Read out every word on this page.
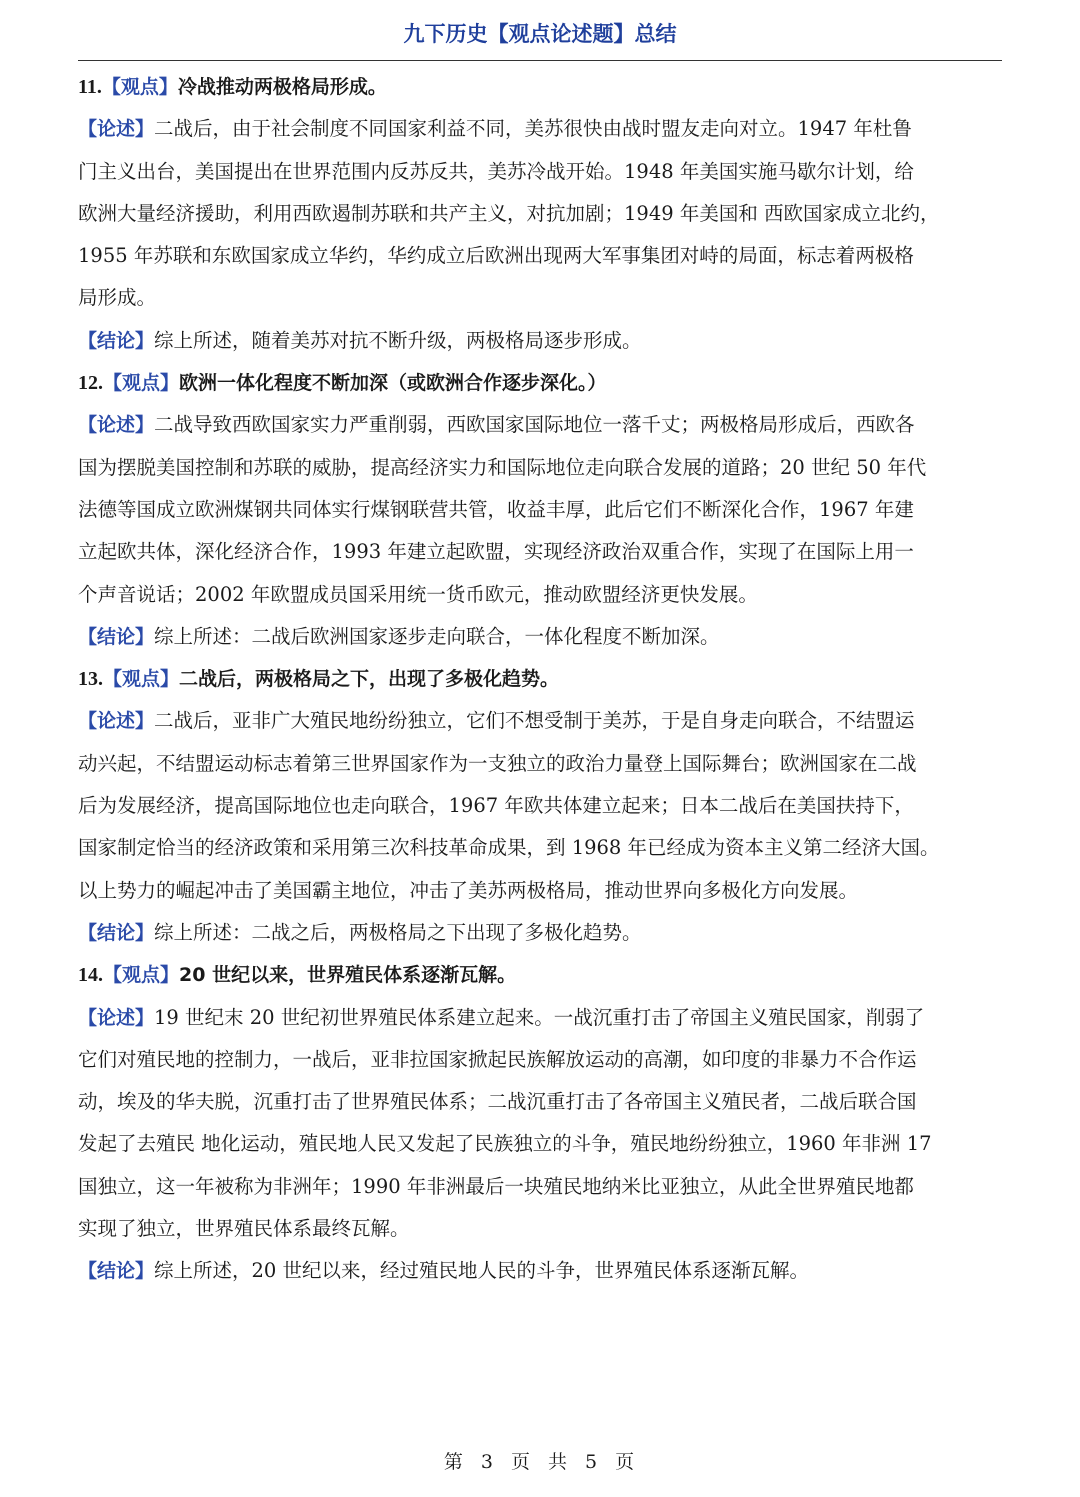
九下历史【观点论述题】总结
11.【观点】冷战推动两极格局形成。
【论述】二战后，由于社会制度不同国家利益不同，美苏很快由战时盟友走向对立。1947 年杜鲁
门主义出台，美国提出在世界范围内反苏反共，美苏冷战开始。1948 年美国实施马歇尔计划，给
欧洲大量经济援助，利用西欧遏制苏联和共产主义，对抗加剧；1949 年美国和 西欧国家成立北约，
1955 年苏联和东欧国家成立华约，华约成立后欧洲出现两大军事集团对峙的局面，标志着两极格
局形成。
【结论】综上所述，随着美苏对抗不断升级，两极格局逐步形成。
12.【观点】欧洲一体化程度不断加深（或欧洲合作逐步深化。）
【论述】二战导致西欧国家实力严重削弱，西欧国家国际地位一落千丈；两极格局形成后，西欧各
国为摆脱美国控制和苏联的威胁，提高经济实力和国际地位走向联合发展的道路；20 世纪 50 年代
法德等国成立欧洲煤钢共同体实行煤钢联营共管，收益丰厚，此后它们不断深化合作，1967 年建
立起欧共体，深化经济合作，1993 年建立起欧盟，实现经济政治双重合作，实现了在国际上用一
个声音说话；2002 年欧盟成员国采用统一货币欧元，推动欧盟经济更快发展。
【结论】综上所述：二战后欧洲国家逐步走向联合，一体化程度不断加深。
13.【观点】二战后，两极格局之下，出现了多极化趋势。
【论述】二战后，亚非广大殖民地纷纷独立，它们不想受制于美苏，于是自身走向联合，不结盟运
动兴起，不结盟运动标志着第三世界国家作为一支独立的政治力量登上国际舞台；欧洲国家在二战
后为发展经济，提高国际地位也走向联合，1967 年欧共体建立起来；日本二战后在美国扶持下，
国家制定恰当的经济政策和采用第三次科技革命成果，到 1968 年已经成为资本主义第二经济大国。
以上势力的崛起冲击了美国霸主地位，冲击了美苏两极格局，推动世界向多极化方向发展。
【结论】综上所述：二战之后，两极格局之下出现了多极化趋势。
14.【观点】20 世纪以来，世界殖民体系逐渐瓦解。
【论述】19 世纪末 20 世纪初世界殖民体系建立起来。一战沉重打击了帝国主义殖民国家，削弱了
它们对殖民地的控制力，一战后，亚非拉国家掀起民族解放运动的高潮，如印度的非暴力不合作运
动，埃及的华夫脱，沉重打击了世界殖民体系；二战沉重打击了各帝国主义殖民者，二战后联合国
发起了去殖民 地化运动，殖民地人民又发起了民族独立的斗争，殖民地纷纷独立，1960 年非洲 17
国独立，这一年被称为非洲年；1990 年非洲最后一块殖民地纳米比亚独立，从此全世界殖民地都
实现了独立，世界殖民体系最终瓦解。
【结论】综上所述，20 世纪以来，经过殖民地人民的斗争，世界殖民体系逐渐瓦解。
第 3 页 共 5 页
